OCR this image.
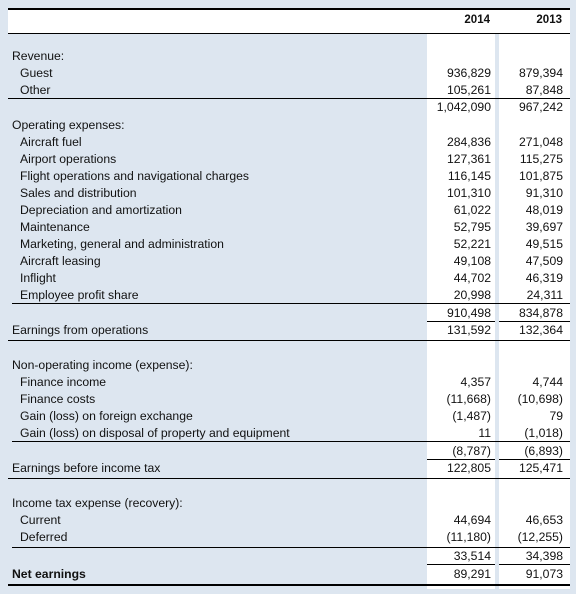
2014	2013
Revenue:
Guest	936,829	879,394
Other	105,261	87,848
1,042,090	967,242
Operating expenses:
Aircraft fuel	284,836	271,048
Airport operations	127,361	115,275
Flight operations and navigational charges	116,145	101,875
Sales and distribution	101,310	91,310
Depreciation and amortization	61,022	48,019
Maintenance	52,795	39,697
Marketing, general and administration	52,221	49,515
Aircraft leasing	49,108	47,509
Inflight	44,702	46,319
Employee profit share	20,998	24,311
910,498	834,878
Earnings from operations	131,592	132,364
Non-operating income (expense):
Finance income	4,357	4,744
Finance costs	(11,668)	(10,698)
Gain (loss) on foreign exchange	(1,487)	79
Gain (loss) on disposal of property and equipment	11	(1,018)
(8,787)	(6,893)
Earnings before income tax	122,805	125,471
Income tax expense (recovery):
Current	44,694	46,653
Deferred	(11,180)	(12,255)
33,514	34,398
Net earnings	89,291	91,073
